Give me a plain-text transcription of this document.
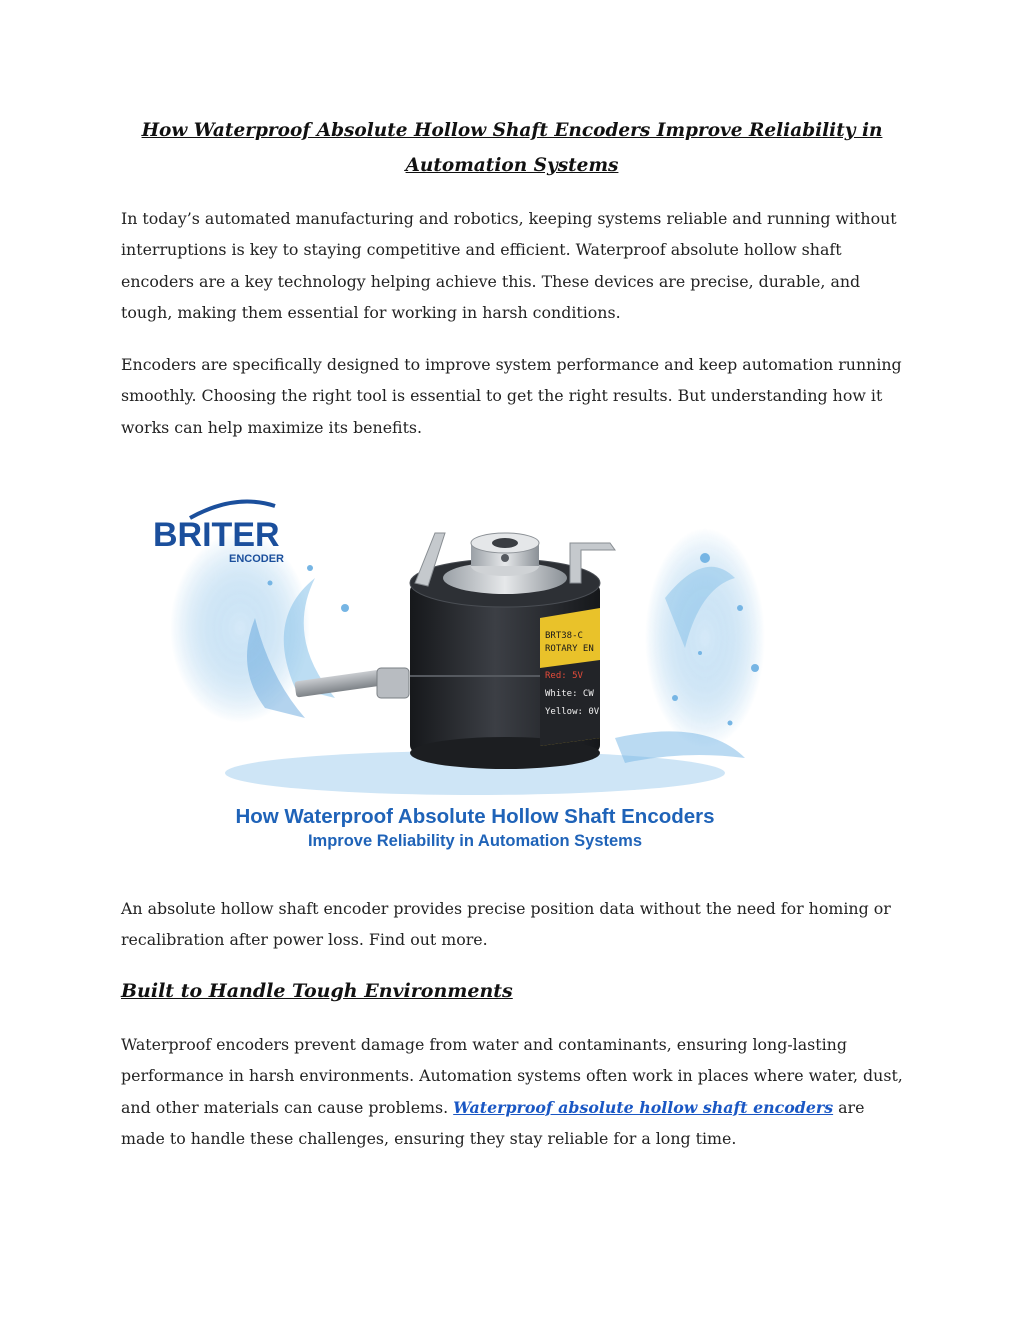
How Waterproof Absolute Hollow Shaft Encoders Improve Reliability in Automation Systems

In today’s automated manufacturing and robotics, keeping systems reliable and running without interruptions is key to staying competitive and efficient. Waterproof absolute hollow shaft encoders are a key technology helping achieve this. These devices are precise, durable, and tough, making them essential for working in harsh conditions.

Encoders are specifically designed to improve system performance and keep automation running smoothly. Choosing the right tool is essential to get the right results. But understanding how it works can help maximize its benefits.

BRT38-C
ROTARY EN
Red: 5V
White: CW
Yellow: 0V
BRITER
ENCODER
How Waterproof Absolute Hollow Shaft Encoders
Improve Reliability in Automation Systems

An absolute hollow shaft encoder provides precise position data without the need for homing or recalibration after power loss. Find out more.

Built to Handle Tough Environments

Waterproof encoders prevent damage from water and contaminants, ensuring long-lasting performance in harsh environments. Automation systems often work in places where water, dust, and other materials can cause problems. Waterproof absolute hollow shaft encoders are made to handle these challenges, ensuring they stay reliable for a long time.
